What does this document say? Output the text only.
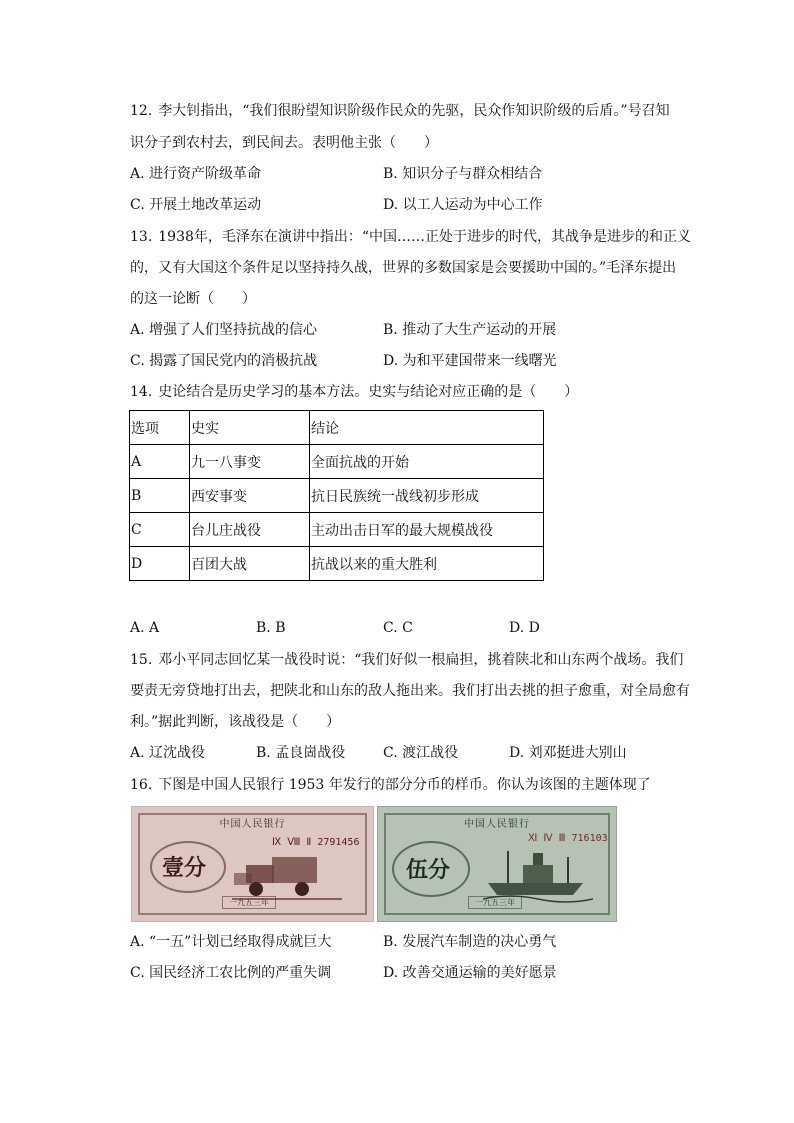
12. 李大钊指出，“我们很盼望知识阶级作民众的先驱，民众作知识阶级的后盾。”号召知
识分子到农村去，到民间去。表明他主张（　　）
A. 进行资产阶级革命	B. 知识分子与群众相结合
C. 开展土地改革运动	D. 以工人运动为中心工作
13. 1938年，毛泽东在演讲中指出：“中国……正处于进步的时代，其战争是进步的和正义
的，又有大国这个条件足以坚持持久战，世界的多数国家是会要援助中国的。”毛泽东提出
的这一论断（　　）
A. 增强了人们坚持抗战的信心	B. 推动了大生产运动的开展
C. 揭露了国民党内的消极抗战	D. 为和平建国带来一线曙光
14. 史论结合是历史学习的基本方法。史实与结论对应正确的是（　　）
选项	史实	结论
A	九一八事变	全面抗战的开始
B	西安事变	抗日民族统一战线初步形成
C	台儿庄战役	主动出击日军的最大规模战役
D	百团大战	抗战以来的重大胜利
A. A	B. B	C. C	D. D
15. 邓小平同志回忆某一战役时说：“我们好似一根扁担，挑着陕北和山东两个战场。我们
要责无旁贷地打出去，把陕北和山东的敌人拖出来。我们打出去挑的担子愈重，对全局愈有
利。”据此判断，该战役是（　　）
A. 辽沈战役	B. 孟良崮战役	C. 渡江战役	D. 刘邓挺进大别山
16. 下图是中国人民银行 1953 年发行的部分分币的样币。你认为该图的主题体现了
中国人民银行
Ⅸ Ⅷ Ⅱ 2791456
壹分
一九五三年
中国人民银行
Ⅺ Ⅳ Ⅲ 716103
伍分
一九五三年
A. “一五”计划已经取得成就巨大	B. 发展汽车制造的决心勇气
C. 国民经济工农比例的严重失调	D. 改善交通运输的美好愿景
